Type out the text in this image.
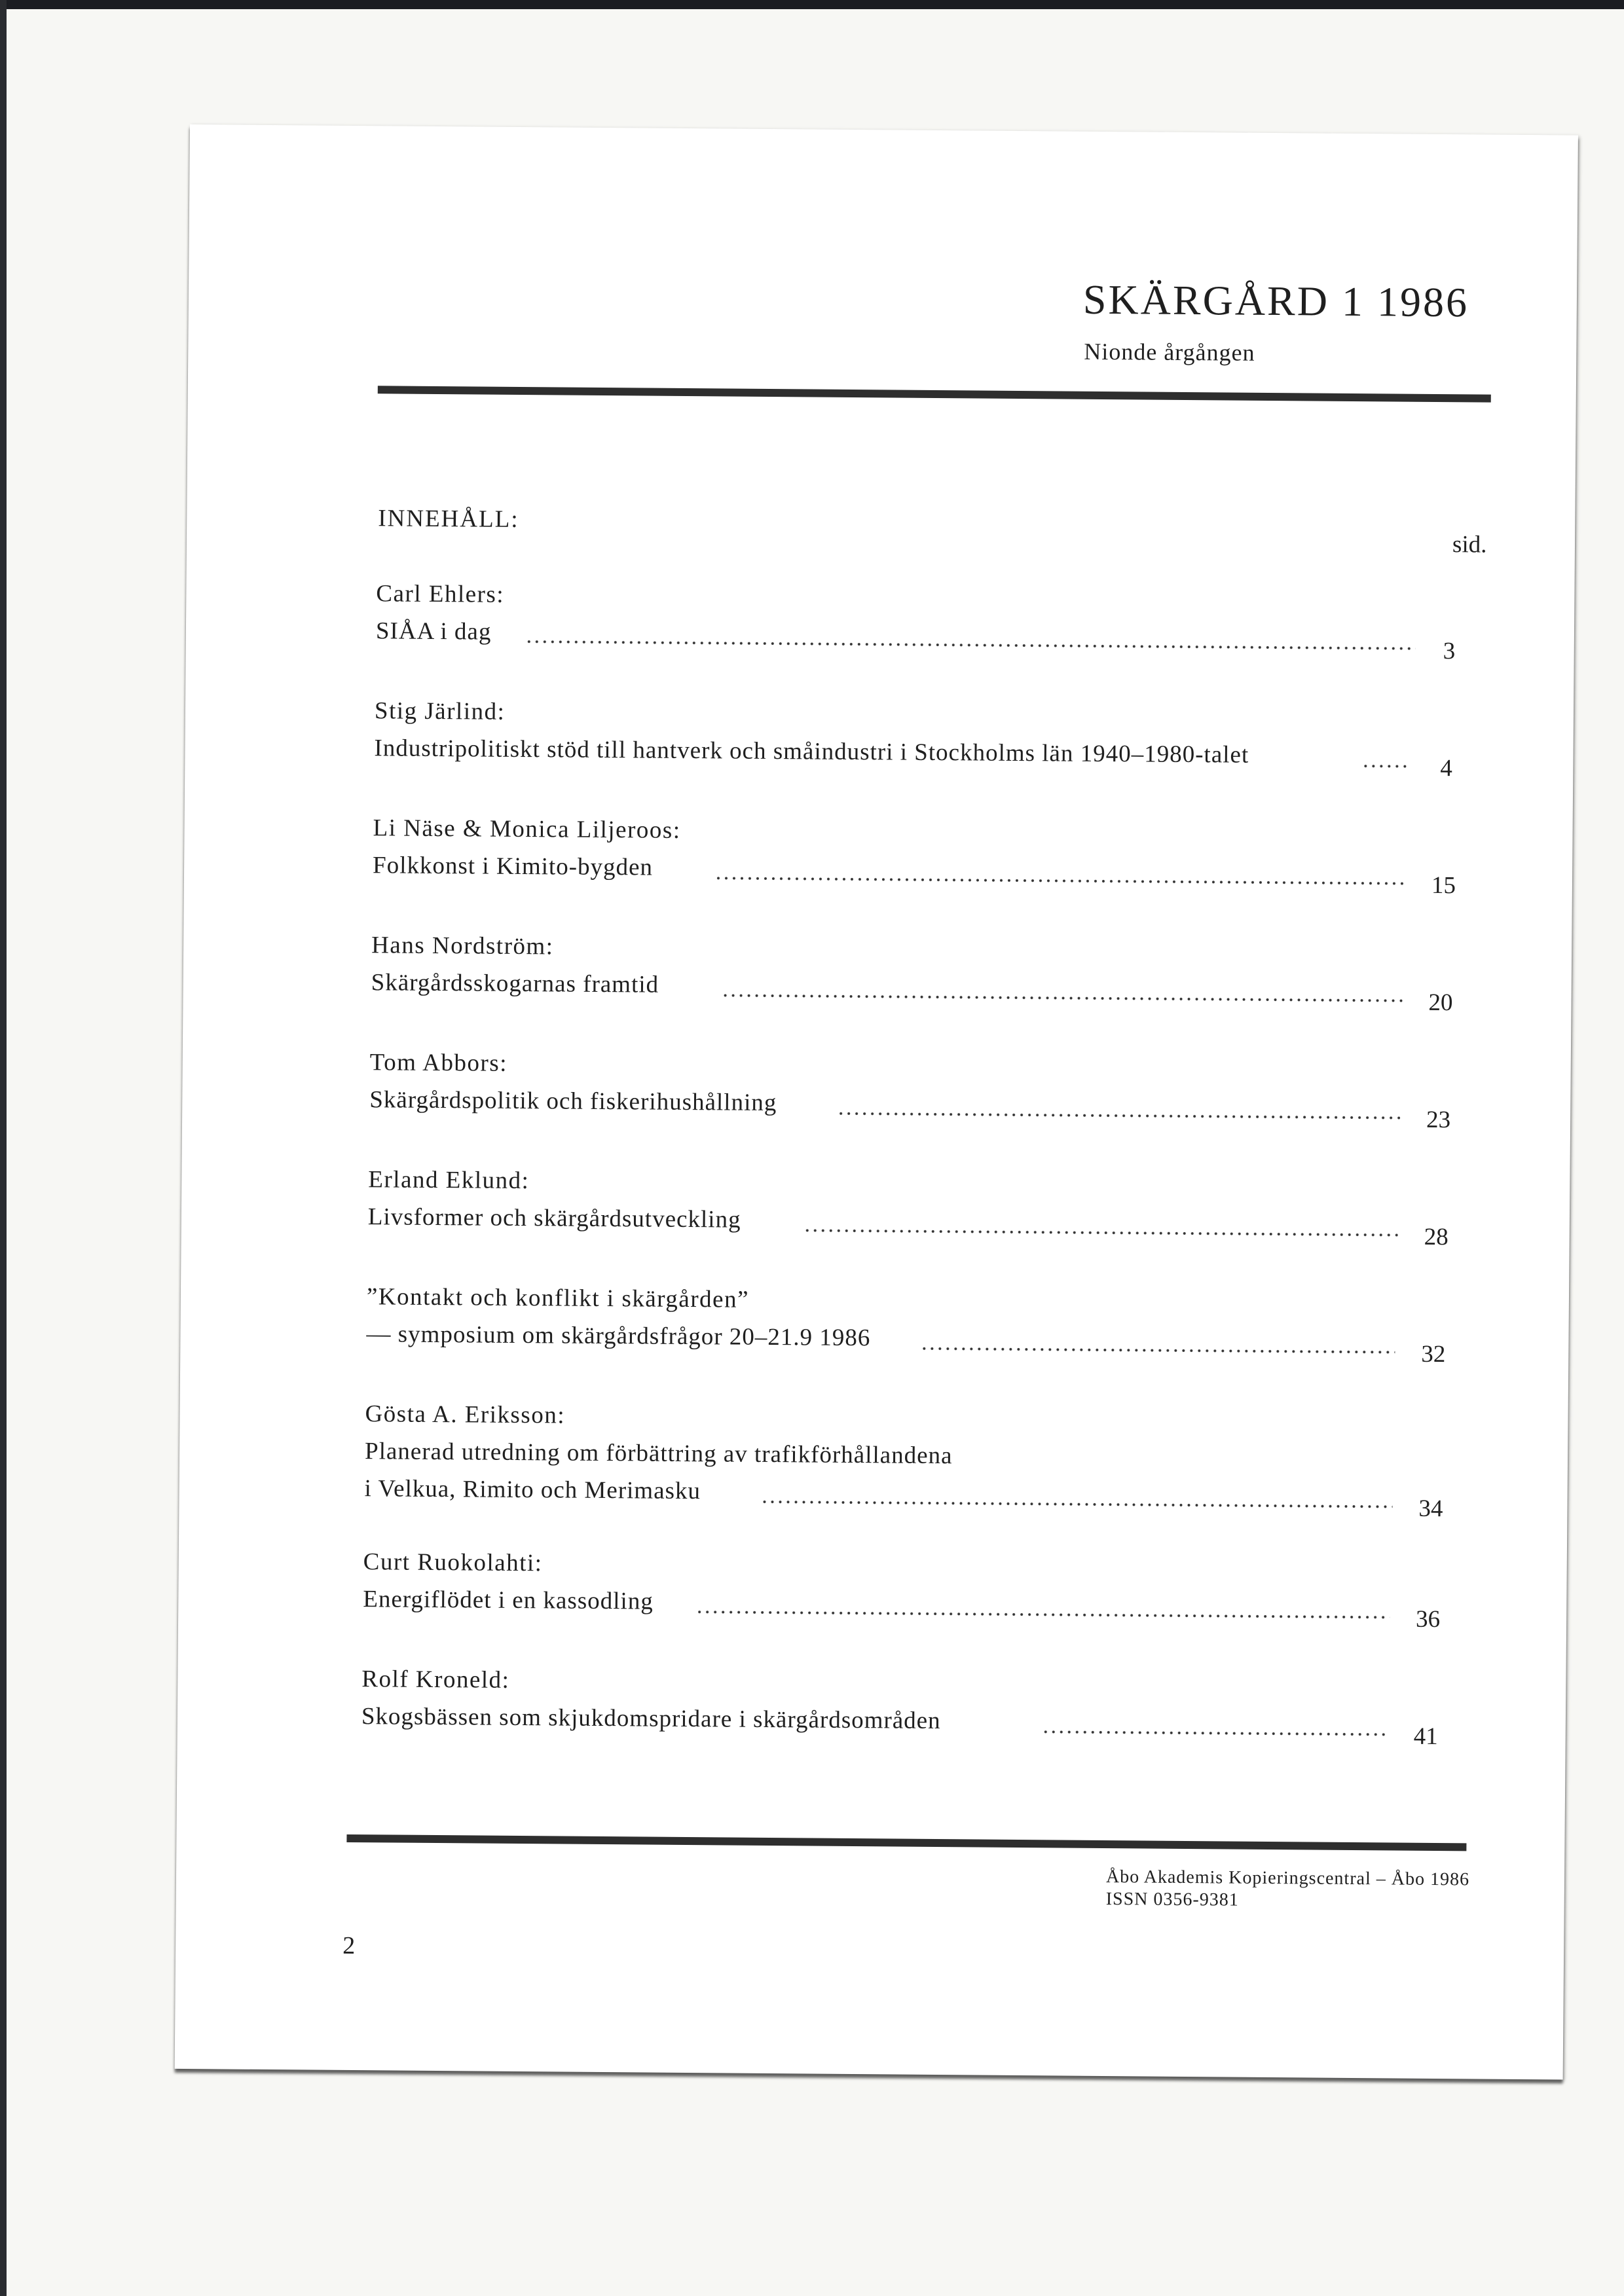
SKÄRGÅRD 1 1986
Nionde årgången
INNEHÅLL:
sid.
Carl Ehlers:
SIÅA i dag
3
Stig Järlind:
Industripolitiskt stöd till hantverk och småindustri i Stockholms län 1940–1980-talet	4
Li Näse & Monica Liljeroos:
Folkkonst i Kimito-bygden
15
Hans Nordström:
Skärgårdsskogarnas framtid
20
Tom Abbors:
Skärgårdspolitik och fiskerihushållning
23
Erland Eklund:
Livsformer och skärgårdsutveckling
28
”Kontakt och konflikt i skärgården”
— symposium om skärgårdsfrågor 20–21.9 1986
32
Gösta A. Eriksson:
Planerad utredning om förbättring av trafikförhållandena
i Velkua, Rimito och Merimasku
34
Curt Ruokolahti:
Energiflödet i en kassodling
36
Rolf Kroneld:
Skogsbässen som skjukdomspridare i skärgårdsområden
41
Åbo Akademis Kopieringscentral – Åbo 1986
ISSN 0356-9381
2
